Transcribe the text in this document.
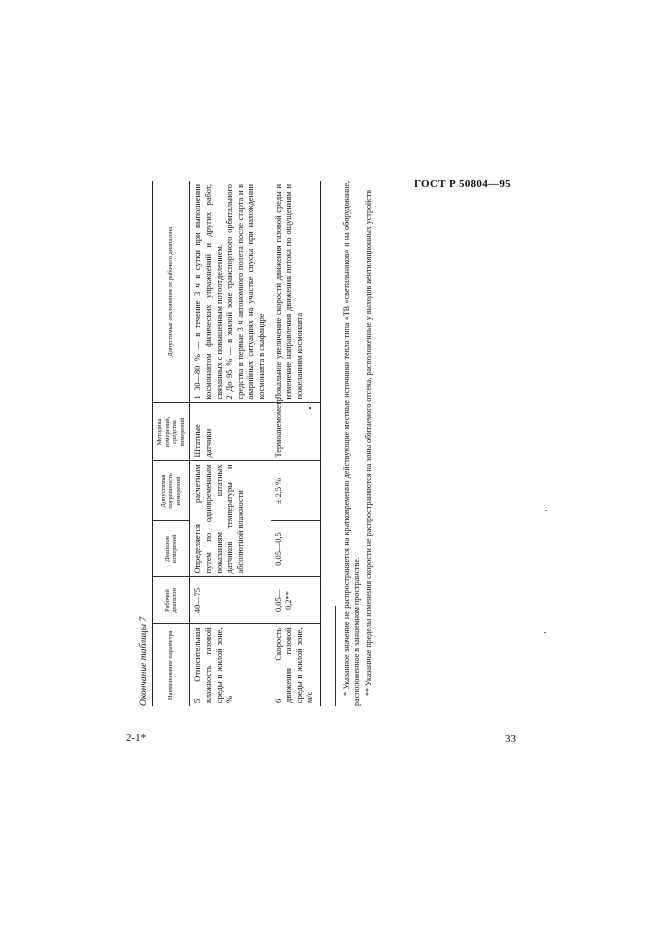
ГОСТ Р 50804—95
2-1*	33
Окончание таблицы 7	Наименование параметра	Рабочий диапазон	Диапазон измерений	Допустимая погрешность измерений	Методика измерений, средства измерений	Допустимые отклонения от рабочего диапазона
5 Относительная влажность газовой среды в жилой зоне, %	40—75	Определяется расчетным путем по одновременным показаниям штатных датчиков температуры и абсолютной влажности		Штатные датчики	1 30—80 % — в течение 3 ч в сутки при выполнении космонавтом физических упражнений и других работ, связанных с повышенным потоотделением. 2 До 95 % — в жилой зоне транспортного орбитального средства в первые 3 ч автономного полета после старта и в аварийных ситуациях на участке спуска при нахождении космонавта в скафандре

6 Скорость движения газовой среды в жилой зоне, м/с	0,05—0,2**	0,05—0,5	± 2,5 %	Термоанемометр •	Локальное увеличение скорости движения газовой среды и изменение направления движения потока по ощущениям и пожеланиям космонавта	* Указанное значение не распространяется на кратковременно действующие местные источники тепла типа «ТВ «светильников» и на оборудование, расположенное в заншемном пространстве. ** Указанные пределы изменения скорости не распространяются на зоны обитаемого отсека, расположенные у выходов вентиляционных устройств
